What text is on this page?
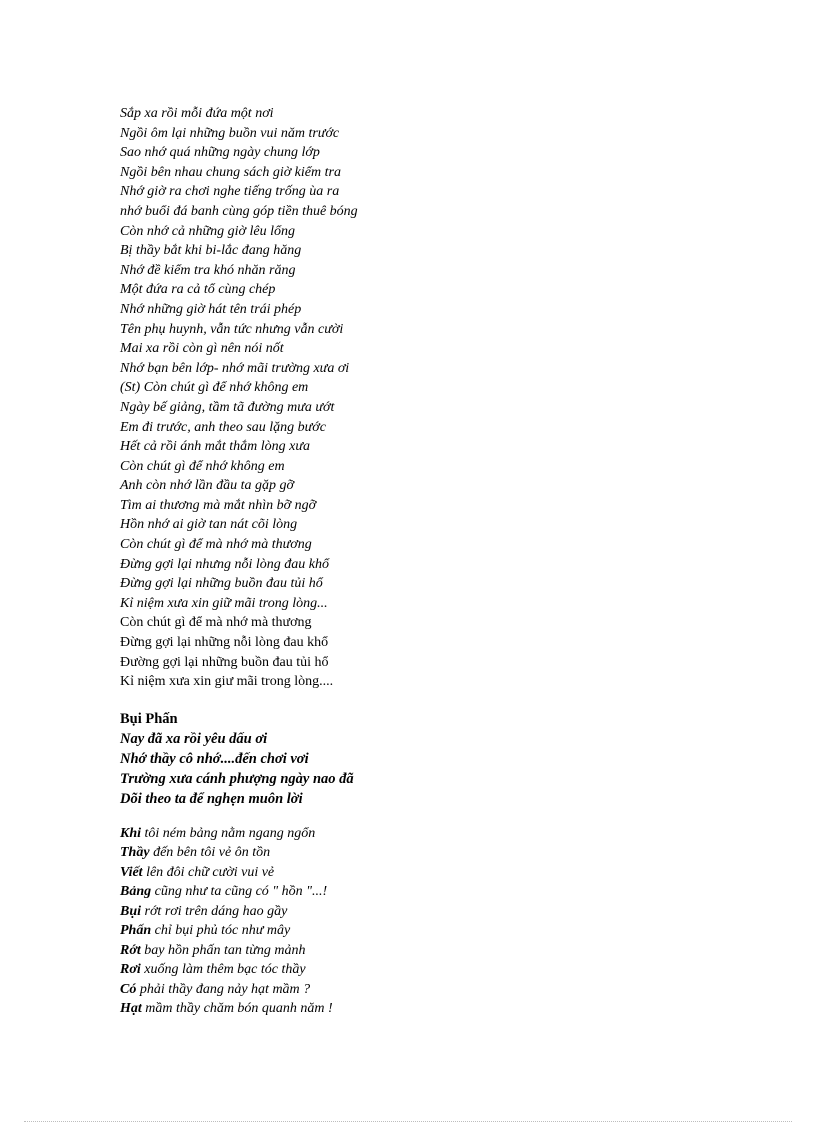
Sắp xa rồi mỗi đứa một nơi
Ngồi ôm lại những buồn vui năm trước
Sao nhớ quá những ngày chung lớp
Ngồi bên nhau chung sách giờ kiểm tra
Nhớ giờ ra chơi nghe tiếng trống ùa ra
nhớ buổi đá banh cùng góp tiền thuê bóng
Còn nhớ cả những giờ lêu lổng
Bị thầy bắt khi bi-lắc đang hăng
Nhớ đề kiểm tra khó nhăn răng
Một đứa ra cả tổ cùng chép
Nhớ những giờ hát tên trái phép
Tên phụ huynh, vẫn tức nhưng vẫn cười
Mai xa rồi còn gì nên nói nốt
Nhớ bạn bên lớp- nhớ mãi trường xưa ơi
(St) Còn chút gì để nhớ không em
Ngày bế giảng, tầm tã đường mưa ướt
Em đi trước, anh theo sau lặng bước
Hết cả rồi ánh mắt thắm lòng xưa
Còn chút gì để nhớ không em
Anh còn nhớ lần đầu ta gặp gỡ
Tìm ai thương mà mắt nhìn bỡ ngỡ
Hồn nhớ ai giờ tan nát cõi lòng
Còn chút gì để mà nhớ mà thương
Đừng gợi lại nhưng nỗi lòng đau khổ
Đừng gợi lại những buồn đau tủi hổ
Kỉ niệm xưa xin giữ mãi trong lòng...
Còn chút gì để mà nhớ mà thương
Đừng gợi lại những nỗi lòng đau khổ
Đường gợi lại những buồn đau tủi hổ
Kỉ niệm xưa xin giư mãi trong lòng....
Bụi Phấn
Nay đã xa rồi yêu dấu ơi
Nhớ thầy cô nhớ....đến chơi vơi
Trường xưa cánh phượng ngày nao đã
Dõi theo ta để nghẹn muôn lời
Khi tôi ném bảng nằm ngang ngổn
Thầy đến bên tôi vẻ ôn tồn
Viết lên đôi chữ cười vui vẻ
Bảng cũng như ta cũng có " hồn "...!
Bụi rớt rơi trên dáng hao gầy
Phấn chỉ bụi phủ tóc như mây
Rớt bay hồn phấn tan từng mảnh
Rơi xuống làm thêm bạc tóc thầy
Có phải thầy đang nảy hạt mầm ?
Hạt mầm thầy chăm bón quanh năm !
